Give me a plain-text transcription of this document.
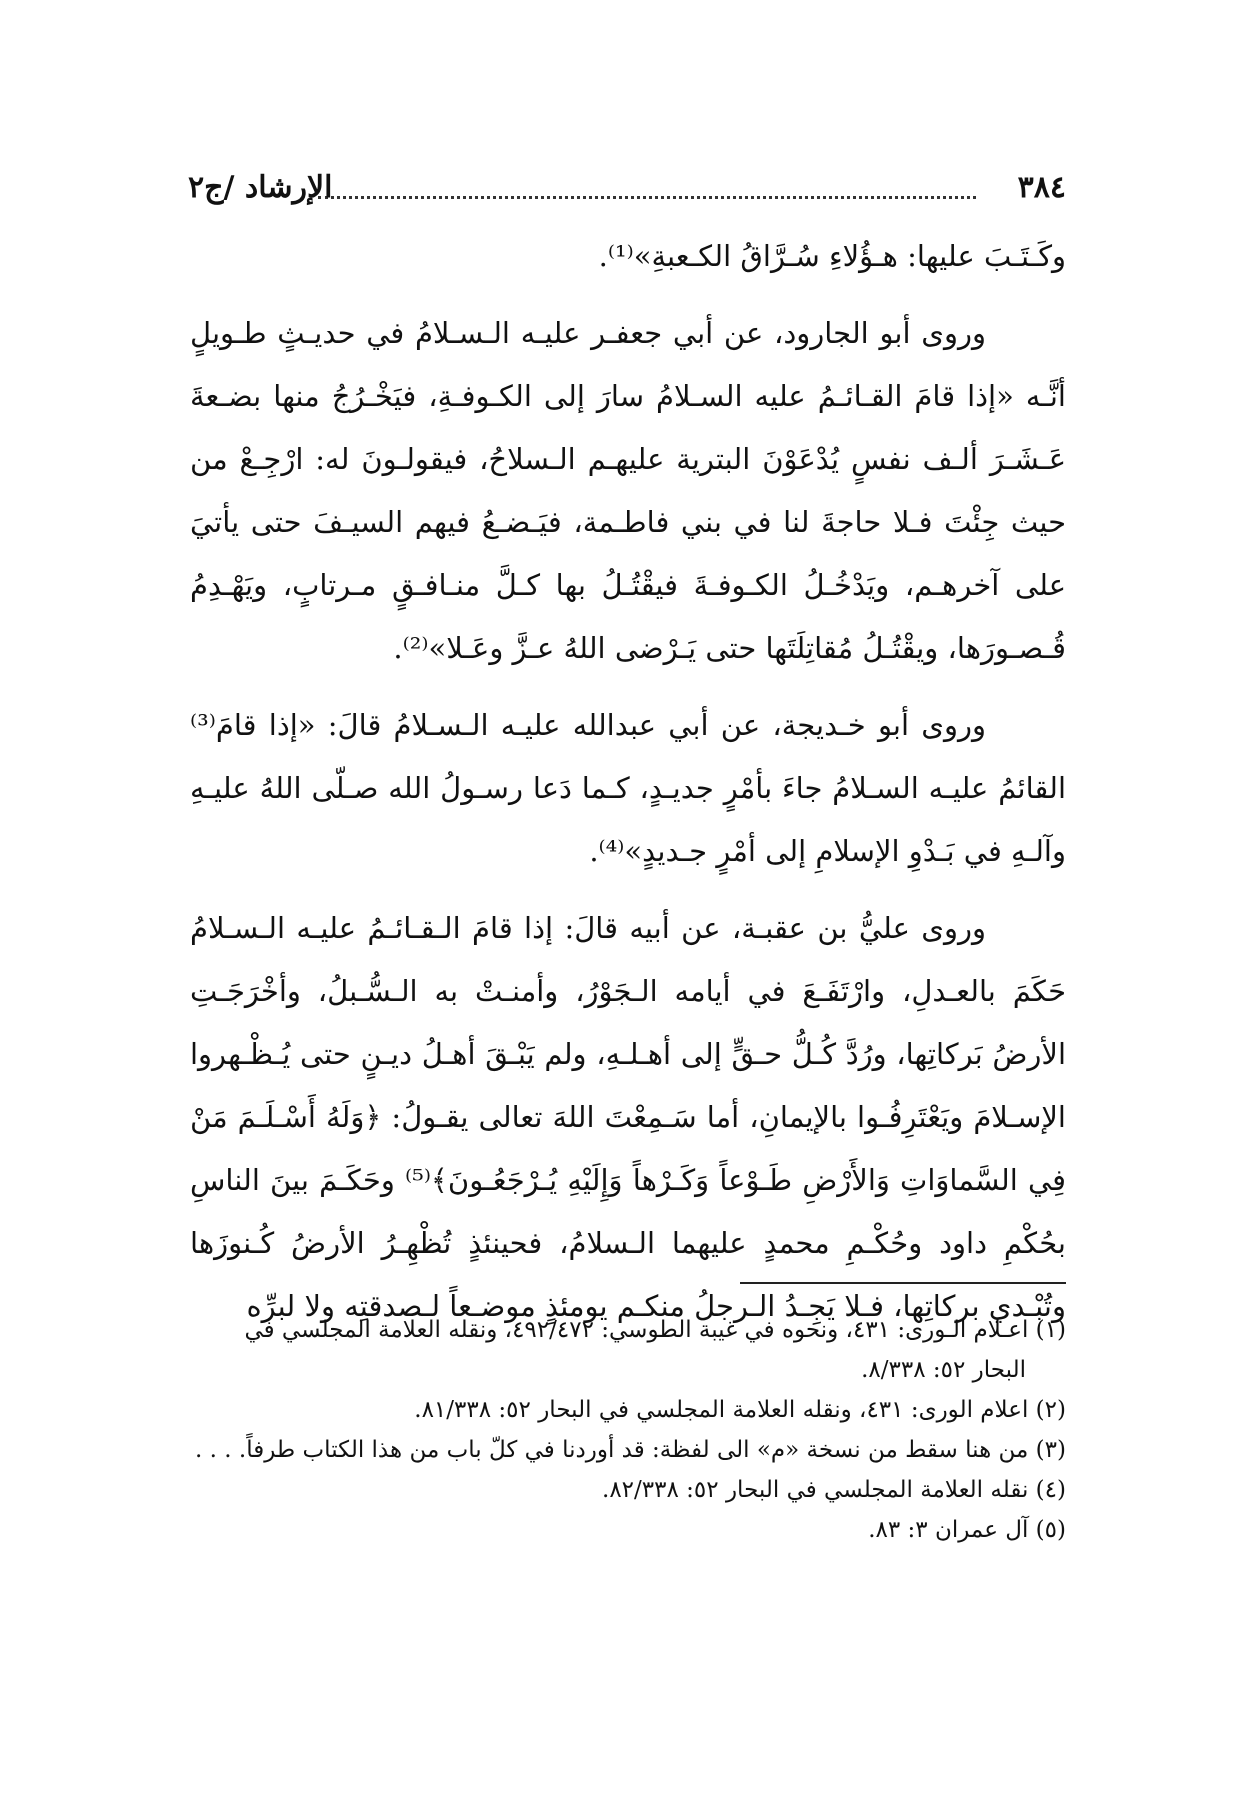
٣٨٤
الإرشاد /ج٢

وكَـتَـبَ عليها: هـؤُلاءِ سُـرَّاقُ الكـعبةِ»⁽¹⁾.

وروى أبو الجارود، عن أبي جعفـر عليـه الـسـلامُ في حديـثٍ طـويلٍ أنَّـه «إذا قامَ القـائـمُ عليه السـلامُ سارَ إلى الكـوفـةِ، فيَخْـرُجُ منها بضـعةَ عَـشَـرَ ألـف نفسٍ يُدْعَوْنَ البترية عليهـم الـسلاحُ، فيقولـونَ له: ارْجِـعْ من حيث جِئْتَ فـلا حاجةَ لنا في بني فاطـمة، فيَـضـعُ فيهم السيـفَ حتى يأتيَ على آخرهـم، ويَدْخُـلُ الكـوفـةَ فيقْتُـلُ بها كـلَّ منـافـقٍ مـرتابٍ، ويَهْـدِمُ قُـصـورَها، ويقْتُـلُ مُقاتِلَتَها حتى يَـرْضى اللهُ عـزَّ وعَـلا»⁽²⁾.

وروى أبو خـديجة، عن أبي عبدالله عليـه الـسـلامُ قالَ: «إذا قامَ⁽³⁾ القائمُ عليـه السـلامُ جاءَ بأمْرٍ جديـدٍ، كـما دَعا رسـولُ الله صـلّى اللهُ عليـهِ وآلـهِ في بَـدْوِ الإسلامِ إلى أمْرٍ جـديدٍ»⁽⁴⁾.

وروى عليُّ بن عقبـة، عن أبيه قالَ: إذا قامَ الـقـائـمُ عليـه الـسـلامُ حَكَمَ بالعـدلِ، وارْتَفَـعَ في أيامه الـجَوْرُ، وأمنـتْ به الـسُّـبلُ، وأخْرَجَـتِ الأرضُ بَركاتِها، ورُدَّ كُـلُّ حـقٍّ إلى أهـلـهِ، ولم يَبْـقَ أهـلُ ديـنٍ حتى يُـظْـهروا الإسـلامَ ويَعْتَرِفُـوا بالإيمانِ، أما سَـمِعْتَ اللهَ تعالى يقـولُ: ﴿وَلَهُ أَسْـلَـمَ مَنْ فِي السَّماوَاتِ وَالأَرْضِ طَـوْعاً وَكَـرْهاً وَإِلَيْهِ يُـرْجَعُـونَ﴾⁽⁵⁾ وحَكَـمَ بينَ الناسِ بحُكْمِ داود وحُكْـمِ محمدٍ عليهما الـسلامُ، فحينئذٍ تُظْهِـرُ الأرضُ كُـنوزَها وتُبْـدي بركاتِها، فـلا يَجِـدُ الـرجلُ منكـم يومئذٍ موضـعاً لـصدقتِه ولا لبرِّه

(١) اعـلام الـورى: ٤٣١، ونحوه في غيبة الطوسي: ٤٩٢/٤٧٢، ونقله العلامة المجلسي في
البحار ٥٢: ٨/٣٣٨.

(٢) اعلام الورى: ٤٣١، ونقله العلامة المجلسي في البحار ٥٢: ٨١/٣٣٨.

(٣) من هنا سقط من نسخة «م» الى لفظة: قد أوردنا في كلّ باب من هذا الكتاب طرفاً. . . .

(٤) نقله العلامة المجلسي في البحار ٥٢: ٨٢/٣٣٨.

(٥) آل عمران ٣: ٨٣.
